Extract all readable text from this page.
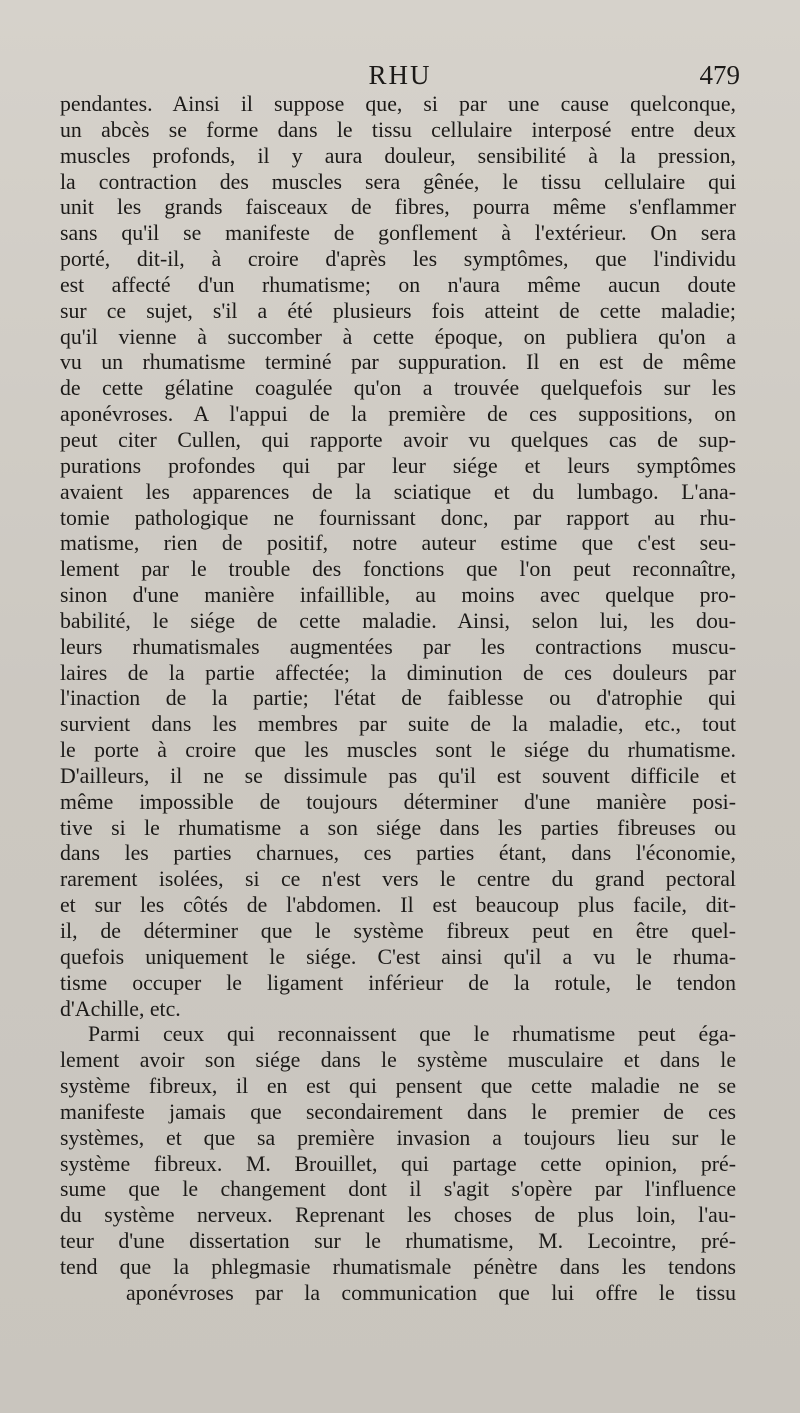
RHU	479
pendantes. Ainsi il suppose que, si par une cause quelconque,
un abcès se forme dans le tissu cellulaire interposé entre deux
muscles profonds, il y aura douleur, sensibilité à la pression,
la contraction des muscles sera gênée, le tissu cellulaire qui
unit les grands faisceaux de fibres, pourra même s'enflammer
sans qu'il se manifeste de gonflement à l'extérieur. On sera
porté, dit-il, à croire d'après les symptômes, que l'individu
est affecté d'un rhumatisme; on n'aura même aucun doute
sur ce sujet, s'il a été plusieurs fois atteint de cette maladie;
qu'il vienne à succomber à cette époque, on publiera qu'on a
vu un rhumatisme terminé par suppuration. Il en est de même
de cette gélatine coagulée qu'on a trouvée quelquefois sur les
aponévroses. A l'appui de la première de ces suppositions, on
peut citer Cullen, qui rapporte avoir vu quelques cas de sup-
purations profondes qui par leur siége et leurs symptômes
avaient les apparences de la sciatique et du lumbago. L'ana-
tomie pathologique ne fournissant donc, par rapport au rhu-
matisme, rien de positif, notre auteur estime que c'est seu-
lement par le trouble des fonctions que l'on peut reconnaître,
sinon d'une manière infaillible, au moins avec quelque pro-
babilité, le siége de cette maladie. Ainsi, selon lui, les dou-
leurs rhumatismales augmentées par les contractions muscu-
laires de la partie affectée; la diminution de ces douleurs par
l'inaction de la partie; l'état de faiblesse ou d'atrophie qui
survient dans les membres par suite de la maladie, etc., tout
le porte à croire que les muscles sont le siége du rhumatisme.
D'ailleurs, il ne se dissimule pas qu'il est souvent difficile et
même impossible de toujours déterminer d'une manière posi-
tive si le rhumatisme a son siége dans les parties fibreuses ou
dans les parties charnues, ces parties étant, dans l'économie,
rarement isolées, si ce n'est vers le centre du grand pectoral
et sur les côtés de l'abdomen. Il est beaucoup plus facile, dit-
il, de déterminer que le système fibreux peut en être quel-
quefois uniquement le siége. C'est ainsi qu'il a vu le rhuma-
tisme occuper le ligament inférieur de la rotule, le tendon
d'Achille, etc.
Parmi ceux qui reconnaissent que le rhumatisme peut éga-
lement avoir son siége dans le système musculaire et dans le
système fibreux, il en est qui pensent que cette maladie ne se
manifeste jamais que secondairement dans le premier de ces
systèmes, et que sa première invasion a toujours lieu sur le
système fibreux. M. Brouillet, qui partage cette opinion, pré-
sume que le changement dont il s'agit s'opère par l'influence
du système nerveux. Reprenant les choses de plus loin, l'au-
teur d'une dissertation sur le rhumatisme, M. Lecointre, pré-
tend que la phlegmasie rhumatismale pénètre dans les tendons
aponévroses par la communication que lui offre le tissu
